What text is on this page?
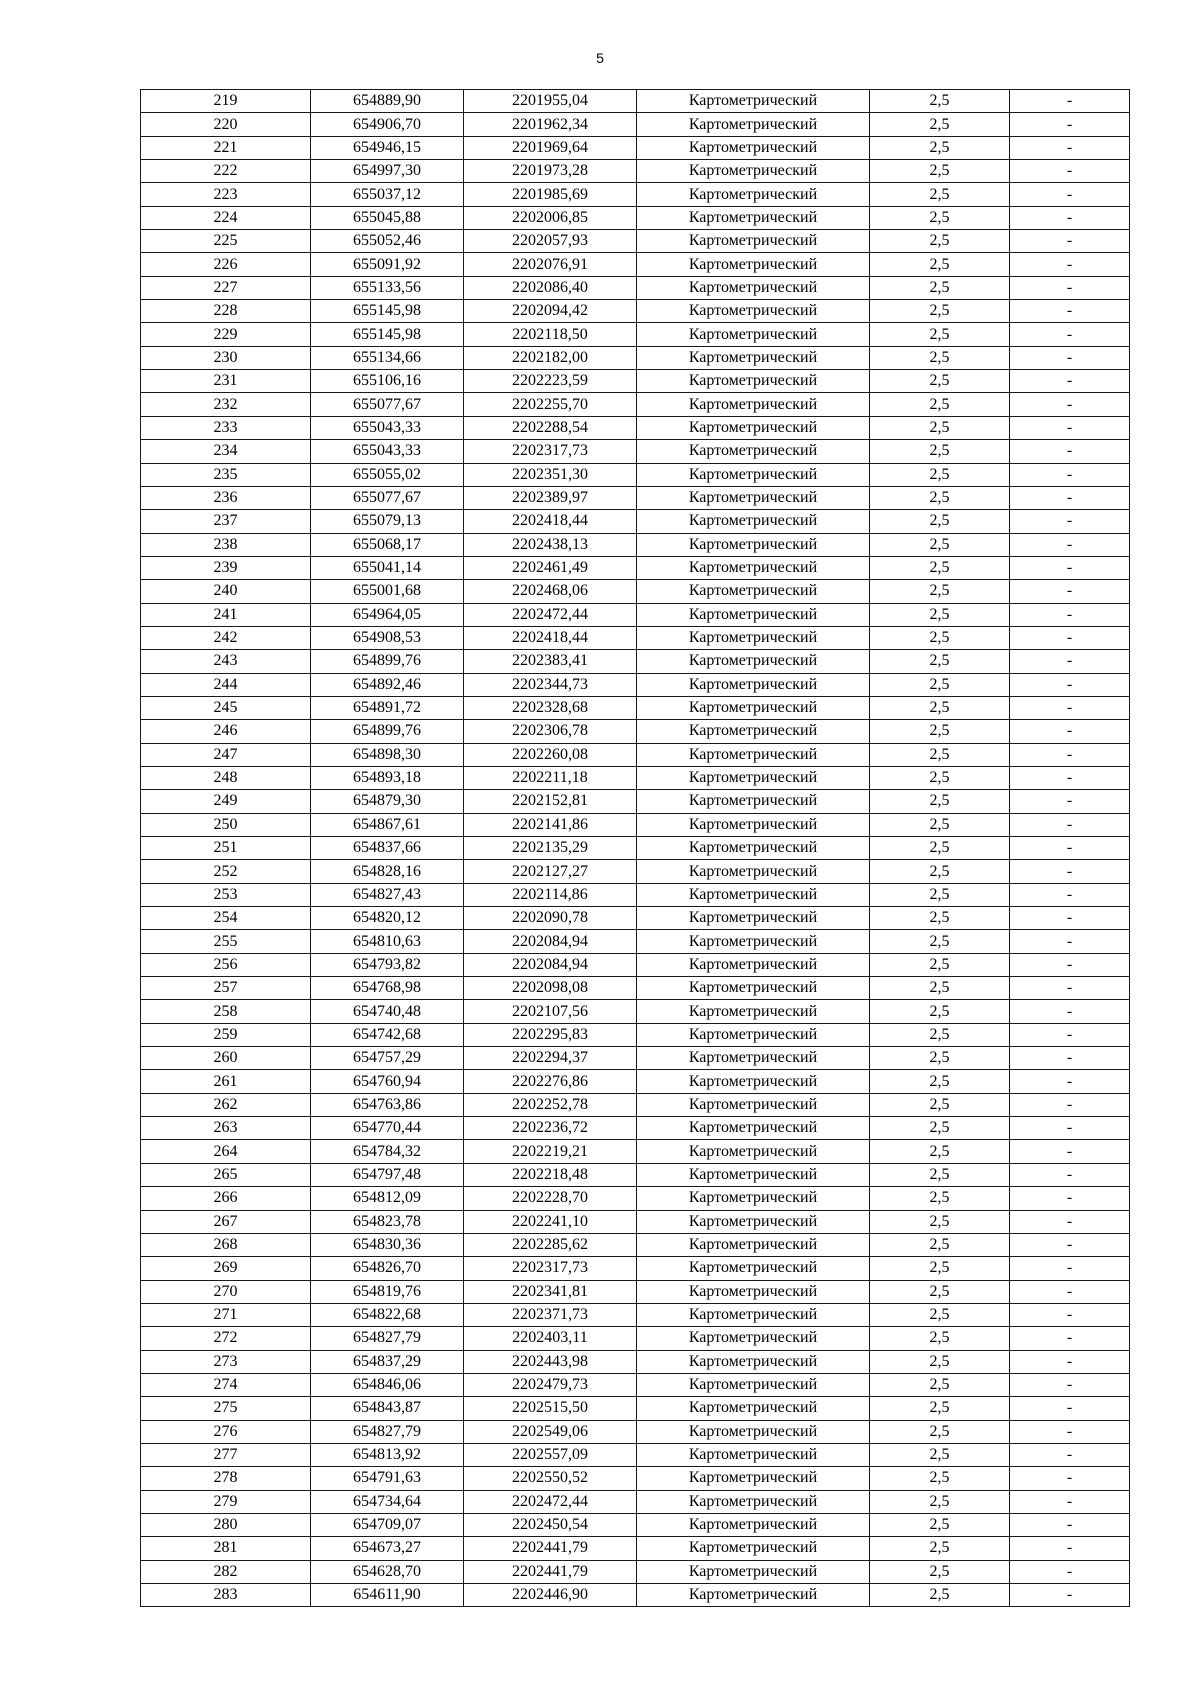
5
219	654889,90	2201955,04	Картометрический	2,5	-
220	654906,70	2201962,34	Картометрический	2,5	-
221	654946,15	2201969,64	Картометрический	2,5	-
222	654997,30	2201973,28	Картометрический	2,5	-
223	655037,12	2201985,69	Картометрический	2,5	-
224	655045,88	2202006,85	Картометрический	2,5	-
225	655052,46	2202057,93	Картометрический	2,5	-
226	655091,92	2202076,91	Картометрический	2,5	-
227	655133,56	2202086,40	Картометрический	2,5	-
228	655145,98	2202094,42	Картометрический	2,5	-
229	655145,98	2202118,50	Картометрический	2,5	-
230	655134,66	2202182,00	Картометрический	2,5	-
231	655106,16	2202223,59	Картометрический	2,5	-
232	655077,67	2202255,70	Картометрический	2,5	-
233	655043,33	2202288,54	Картометрический	2,5	-
234	655043,33	2202317,73	Картометрический	2,5	-
235	655055,02	2202351,30	Картометрический	2,5	-
236	655077,67	2202389,97	Картометрический	2,5	-
237	655079,13	2202418,44	Картометрический	2,5	-
238	655068,17	2202438,13	Картометрический	2,5	-
239	655041,14	2202461,49	Картометрический	2,5	-
240	655001,68	2202468,06	Картометрический	2,5	-
241	654964,05	2202472,44	Картометрический	2,5	-
242	654908,53	2202418,44	Картометрический	2,5	-
243	654899,76	2202383,41	Картометрический	2,5	-
244	654892,46	2202344,73	Картометрический	2,5	-
245	654891,72	2202328,68	Картометрический	2,5	-
246	654899,76	2202306,78	Картометрический	2,5	-
247	654898,30	2202260,08	Картометрический	2,5	-
248	654893,18	2202211,18	Картометрический	2,5	-
249	654879,30	2202152,81	Картометрический	2,5	-
250	654867,61	2202141,86	Картометрический	2,5	-
251	654837,66	2202135,29	Картометрический	2,5	-
252	654828,16	2202127,27	Картометрический	2,5	-
253	654827,43	2202114,86	Картометрический	2,5	-
254	654820,12	2202090,78	Картометрический	2,5	-
255	654810,63	2202084,94	Картометрический	2,5	-
256	654793,82	2202084,94	Картометрический	2,5	-
257	654768,98	2202098,08	Картометрический	2,5	-
258	654740,48	2202107,56	Картометрический	2,5	-
259	654742,68	2202295,83	Картометрический	2,5	-
260	654757,29	2202294,37	Картометрический	2,5	-
261	654760,94	2202276,86	Картометрический	2,5	-
262	654763,86	2202252,78	Картометрический	2,5	-
263	654770,44	2202236,72	Картометрический	2,5	-
264	654784,32	2202219,21	Картометрический	2,5	-
265	654797,48	2202218,48	Картометрический	2,5	-
266	654812,09	2202228,70	Картометрический	2,5	-
267	654823,78	2202241,10	Картометрический	2,5	-
268	654830,36	2202285,62	Картометрический	2,5	-
269	654826,70	2202317,73	Картометрический	2,5	-
270	654819,76	2202341,81	Картометрический	2,5	-
271	654822,68	2202371,73	Картометрический	2,5	-
272	654827,79	2202403,11	Картометрический	2,5	-
273	654837,29	2202443,98	Картометрический	2,5	-
274	654846,06	2202479,73	Картометрический	2,5	-
275	654843,87	2202515,50	Картометрический	2,5	-
276	654827,79	2202549,06	Картометрический	2,5	-
277	654813,92	2202557,09	Картометрический	2,5	-
278	654791,63	2202550,52	Картометрический	2,5	-
279	654734,64	2202472,44	Картометрический	2,5	-
280	654709,07	2202450,54	Картометрический	2,5	-
281	654673,27	2202441,79	Картометрический	2,5	-
282	654628,70	2202441,79	Картометрический	2,5	-
283	654611,90	2202446,90	Картометрический	2,5	-
